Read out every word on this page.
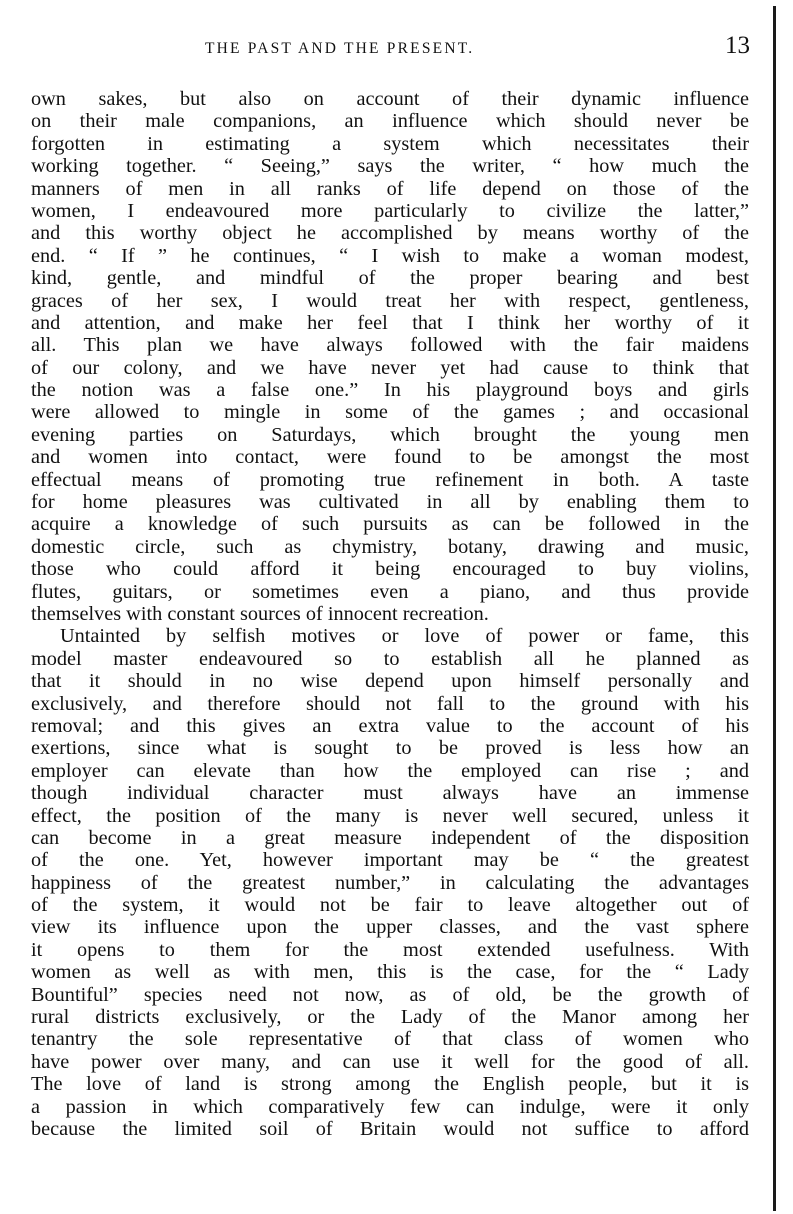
THE PAST AND THE PRESENT.	13
own sakes, but also on account of their dynamic influence
on their male companions, an influence which should never be
forgotten in estimating a system which necessitates their
working together. “ Seeing,” says the writer, “ how much the
manners of men in all ranks of life depend on those of the
women, I endeavoured more particularly to civilize the latter,”
and this worthy object he accomplished by means worthy of the
end. “ If ” he continues, “ I wish to make a woman modest,
kind, gentle, and mindful of the proper bearing and best
graces of her sex, I would treat her with respect, gentleness,
and attention, and make her feel that I think her worthy of it
all. This plan we have always followed with the fair maidens
of our colony, and we have never yet had cause to think that
the notion was a false one.” In his playground boys and girls
were allowed to mingle in some of the games ; and occasional
evening parties on Saturdays, which brought the young men
and women into contact, were found to be amongst the most
effectual means of promoting true refinement in both. A taste
for home pleasures was cultivated in all by enabling them to
acquire a knowledge of such pursuits as can be followed in the
domestic circle, such as chymistry, botany, drawing and music,
those who could afford it being encouraged to buy violins,
flutes, guitars, or sometimes even a piano, and thus provide
themselves with constant sources of innocent recreation.
Untainted by selfish motives or love of power or fame, this
model master endeavoured so to establish all he planned as
that it should in no wise depend upon himself personally and
exclusively, and therefore should not fall to the ground with his
removal; and this gives an extra value to the account of his
exertions, since what is sought to be proved is less how an
employer can elevate than how the employed can rise ; and
though individual character must always have an immense
effect, the position of the many is never well secured, unless it
can become in a great measure independent of the disposition
of the one. Yet, however important may be “ the greatest
happiness of the greatest number,” in calculating the advantages
of the system, it would not be fair to leave altogether out of
view its influence upon the upper classes, and the vast sphere
it opens to them for the most extended usefulness. With
women as well as with men, this is the case, for the “ Lady
Bountiful” species need not now, as of old, be the growth of
rural districts exclusively, or the Lady of the Manor among her
tenantry the sole representative of that class of women who
have power over many, and can use it well for the good of all.
The love of land is strong among the English people, but it is
a passion in which comparatively few can indulge, were it only
because the limited soil of Britain would not suffice to afford
